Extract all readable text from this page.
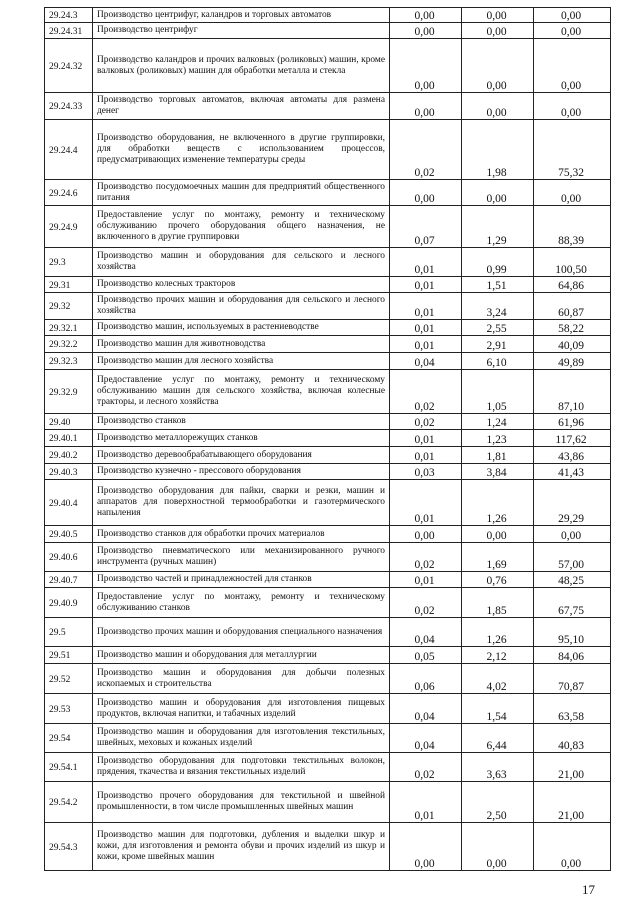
29.24.3	Производство центрифуг, каландров и торговых автоматов	0,00	0,00	0,00
29.24.31	Производство центрифуг	0,00	0,00	0,00
29.24.32	Производство каландров и прочих валковых (роликовых) машин, кроме валковых (роликовых) машин для обработки металла и стекла	0,00	0,00	0,00
29.24.33	Производство торговых автоматов, включая автоматы для размена денег	0,00	0,00	0,00
29.24.4	Производство оборудования, не включенного в другие группировки, для обработки веществ с использованием процессов, предусматривающих изменение температуры среды	0,02	1,98	75,32
29.24.6	Производство посудомоечных машин для предприятий общественного питания	0,00	0,00	0,00
29.24.9	Предоставление услуг по монтажу, ремонту и техническому обслуживанию прочего оборудования общего назначения, не включенного в другие группировки	0,07	1,29	88,39
29.3	Производство машин и оборудования для сельского и лесного хозяйства	0,01	0,99	100,50
29.31	Производство колесных тракторов	0,01	1,51	64,86
29.32	Производство прочих машин и оборудования для сельского и лесного хозяйства	0,01	3,24	60,87
29.32.1	Производство машин, используемых в растениеводстве	0,01	2,55	58,22
29.32.2	Производство машин для животноводства	0,01	2,91	40,09
29.32.3	Производство машин для лесного хозяйства	0,04	6,10	49,89
29.32.9	Предоставление услуг по монтажу, ремонту и техническому обслуживанию машин для сельского хозяйства, включая колесные тракторы, и лесного хозяйства	0,02	1,05	87,10
29.40	Производство станков	0,02	1,24	61,96
29.40.1	Производство металлорежущих станков	0,01	1,23	117,62
29.40.2	Производство деревообрабатывающего оборудования	0,01	1,81	43,86
29.40.3	Производство кузнечно - прессового оборудования	0,03	3,84	41,43
29.40.4	Производство оборудования для пайки, сварки и резки, машин и аппаратов для поверхностной термообработки и газотермического напыления	0,01	1,26	29,29
29.40.5	Производство станков для обработки прочих материалов	0,00	0,00	0,00
29.40.6	Производство пневматического или механизированного ручного инструмента (ручных машин)	0,02	1,69	57,00
29.40.7	Производство частей и принадлежностей для станков	0,01	0,76	48,25
29.40.9	Предоставление услуг по монтажу, ремонту и техническому обслуживанию станков	0,02	1,85	67,75
29.5	Производство прочих машин и оборудования специального назначения	0,04	1,26	95,10
29.51	Производство машин и оборудования для металлургии	0,05	2,12	84,06
29.52	Производство машин и оборудования для добычи полезных ископаемых и строительства	0,06	4,02	70,87
29.53	Производство машин и оборудования для изготовления пищевых продуктов, включая напитки, и табачных изделий	0,04	1,54	63,58
29.54	Производство машин и оборудования для изготовления текстильных, швейных, меховых и кожаных изделий	0,04	6,44	40,83
29.54.1	Производство оборудования для подготовки текстильных волокон, прядения, ткачества и вязания текстильных изделий	0,02	3,63	21,00
29.54.2	Производство прочего оборудования для текстильной и швейной промышленности, в том числе промышленных швейных машин	0,01	2,50	21,00
29.54.3	Производство машин для подготовки, дубления и выделки шкур и кожи, для изготовления и ремонта обуви и прочих изделий из шкур и кожи, кроме швейных машин	0,00	0,00	0,00
17
